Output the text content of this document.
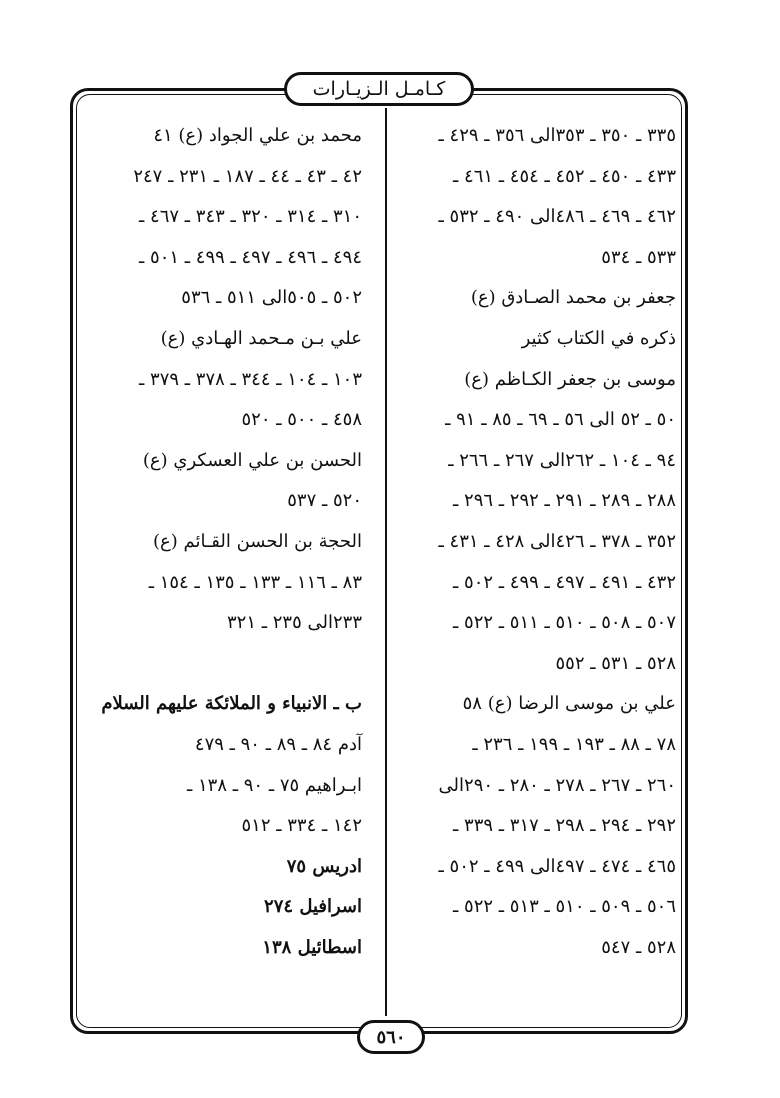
كـامـل الـزيـارات
٣٣٥ ـ ٣٥٠ ـ ٣٥٣الى ٣٥٦ ـ ٤٢٩ ـ
٤٣٣ ـ ٤٥٠ ـ ٤٥٢ ـ ٤٥٤ ـ ٤٦١ ـ
٤٦٢ ـ ٤٦٩ ـ ٤٨٦الى ٤٩٠ ـ ٥٣٢ ـ
٥٣٣ ـ ٥٣٤
جعفر بن محمد الصـادق (ع)
ذكره في الكتاب كثير
موسى بن جعفر الكـاظم (ع)
٥٠ ـ ٥٢ الى ٥٦ ـ ٦٩ ـ ٨٥ ـ ٩١ ـ
٩٤ ـ ١٠٤ ـ ٢٦٢الى ٢٦٧ ـ ٢٦٦ ـ
٢٨٨ ـ ٢٨٩ ـ ٢٩١ ـ ٢٩٢ ـ ٢٩٦ ـ
٣٥٢ ـ ٣٧٨ ـ ٤٢٦الى ٤٢٨ ـ ٤٣١ ـ
٤٣٢ ـ ٤٩١ ـ ٤٩٧ ـ ٤٩٩ ـ ٥٠٢ ـ
٥٠٧ ـ ٥٠٨ ـ ٥١٠ ـ ٥١١ ـ ٥٢٢ ـ
٥٢٨ ـ ٥٣١ ـ ٥٥٢
علي بن موسى الرضا (ع) ٥٨
٧٨ ـ ٨٨ ـ ١٩٣ ـ ١٩٩ ـ ٢٣٦ ـ
٢٦٠ ـ ٢٦٧ ـ ٢٧٨ ـ ٢٨٠ ـ ٢٩٠الى
٢٩٢ ـ ٢٩٤ ـ ٢٩٨ ـ ٣١٧ ـ ٣٣٩ ـ
٤٦٥ ـ ٤٧٤ ـ ٤٩٧الى ٤٩٩ ـ ٥٠٢ ـ
٥٠٦ ـ ٥٠٩ ـ ٥١٠ ـ ٥١٣ ـ ٥٢٢ ـ
٥٢٨ ـ ٥٤٧
محمد بن علي الجواد (ع) ٤١
٤٢ ـ ٤٣ ـ ٤٤ ـ ١٨٧ ـ ٢٣١ ـ ٢٤٧
٣١٠ ـ ٣١٤ ـ ٣٢٠ ـ ٣٤٣ ـ ٤٦٧ ـ
٤٩٤ ـ ٤٩٦ ـ ٤٩٧ ـ ٤٩٩ ـ ٥٠١ ـ
٥٠٢ ـ ٥٠٥الى ٥١١ ـ ٥٣٦
علي بـن مـحمد الهـادي (ع)
١٠٣ ـ ١٠٤ ـ ٣٤٤ ـ ٣٧٨ ـ ٣٧٩ ـ
٤٥٨ ـ ٥٠٠ ـ ٥٢٠
الحسن بن علي العسكري (ع)
٥٢٠ ـ ٥٣٧
الحجة بن الحسن القـائم (ع)
٨٣ ـ ١١٦ ـ ١٣٣ ـ ١٣٥ ـ ١٥٤ ـ
٢٣٣الى ٢٣٥ ـ ٣٢١
ب ـ الانبياء و الملائكة عليهم السلام
آدم ٨٤ ـ ٨٩ ـ ٩٠ ـ ٤٧٩
ابـراهيم ٧٥ ـ ٩٠ ـ ١٣٨ ـ
١٤٢ ـ ٣٣٤ ـ ٥١٢
ادريس ٧٥
اسرافيل ٢٧٤
اسطائيل ١٣٨
٥٦٠
